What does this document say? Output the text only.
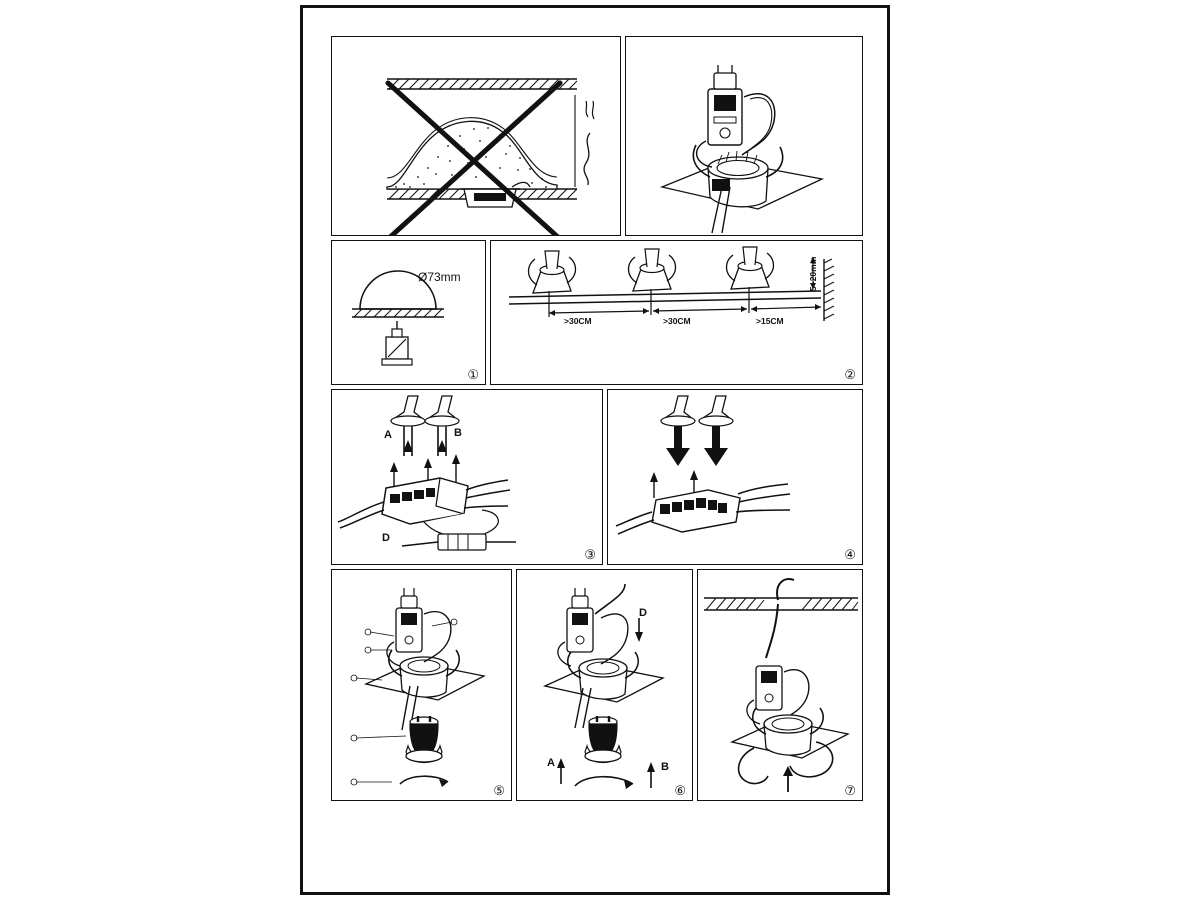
Ø73mm
①
>30CM	>30CM	>15CM
5~20mm
②
A	B
D
③	④
⑤
D
A	B
⑥	⑦
